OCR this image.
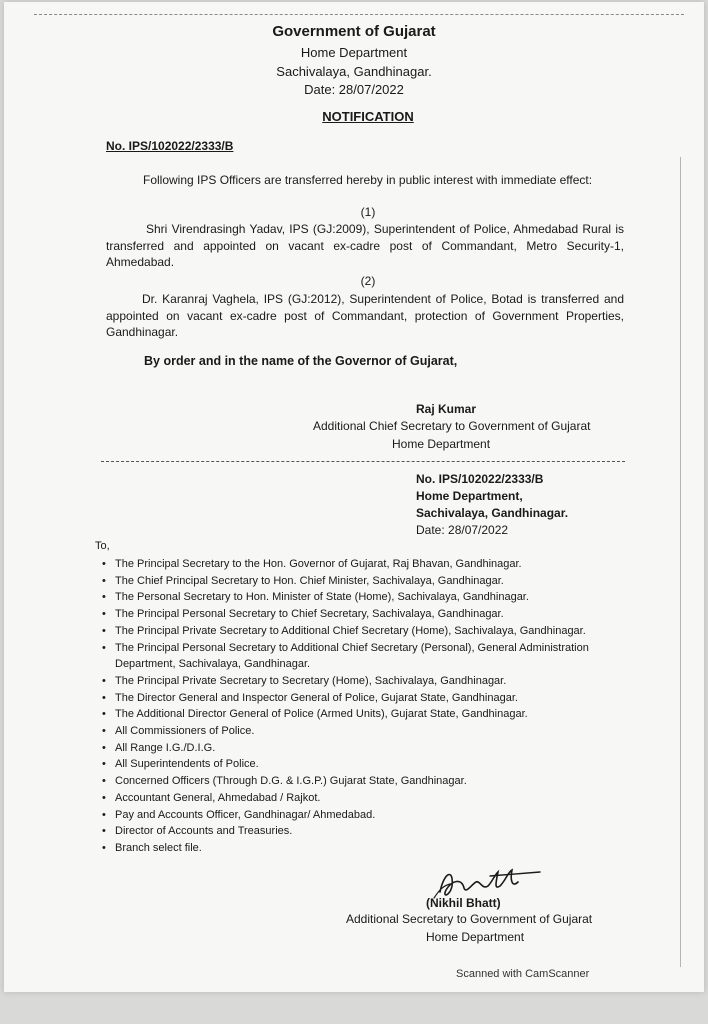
Government of Gujarat
Home Department
Sachivalaya, Gandhinagar.
Date: 28/07/2022
NOTIFICATION
No. IPS/102022/2333/B
Following IPS Officers are transferred hereby in public interest with immediate effect:
(1)
Shri Virendrasingh Yadav, IPS (GJ:2009), Superintendent of Police, Ahmedabad Rural is transferred and appointed on vacant ex-cadre post of Commandant, Metro Security-1, Ahmedabad.
(2)
Dr. Karanraj Vaghela, IPS (GJ:2012), Superintendent of Police, Botad is transferred and appointed on vacant ex-cadre post of Commandant, protection of Government Properties, Gandhinagar.
By order and in the name of the Governor of Gujarat,
Raj Kumar
Additional Chief Secretary to Government of Gujarat
Home Department
No. IPS/102022/2333/B
Home Department,
Sachivalaya, Gandhinagar.
Date: 28/07/2022
To,
• The Principal Secretary to the Hon. Governor of Gujarat, Raj Bhavan, Gandhinagar.
• The Chief Principal Secretary to Hon. Chief Minister, Sachivalaya, Gandhinagar.
• The Personal Secretary to Hon. Minister of State (Home), Sachivalaya, Gandhinagar.
• The Principal Personal Secretary to Chief Secretary, Sachivalaya, Gandhinagar.
• The Principal Private Secretary to Additional Chief Secretary (Home), Sachivalaya, Gandhinagar.
• The Principal Personal Secretary to Additional Chief Secretary (Personal), General Administration Department, Sachivalaya, Gandhinagar.
• The Principal Private Secretary to Secretary (Home), Sachivalaya, Gandhinagar.
• The Director General and Inspector General of Police, Gujarat State, Gandhinagar.
• The Additional Director General of Police (Armed Units), Gujarat State, Gandhinagar.
• All Commissioners of Police.
• All Range I.G./D.I.G.
• All Superintendents of Police.
• Concerned Officers (Through D.G. & I.G.P.) Gujarat State, Gandhinagar.
• Accountant General, Ahmedabad / Rajkot.
• Pay and Accounts Officer, Gandhinagar/ Ahmedabad.
• Director of Accounts and Treasuries.
• Branch select file.
(Nikhil Bhatt)
Additional Secretary to Government of Gujarat
Home Department
Scanned with CamScanner
